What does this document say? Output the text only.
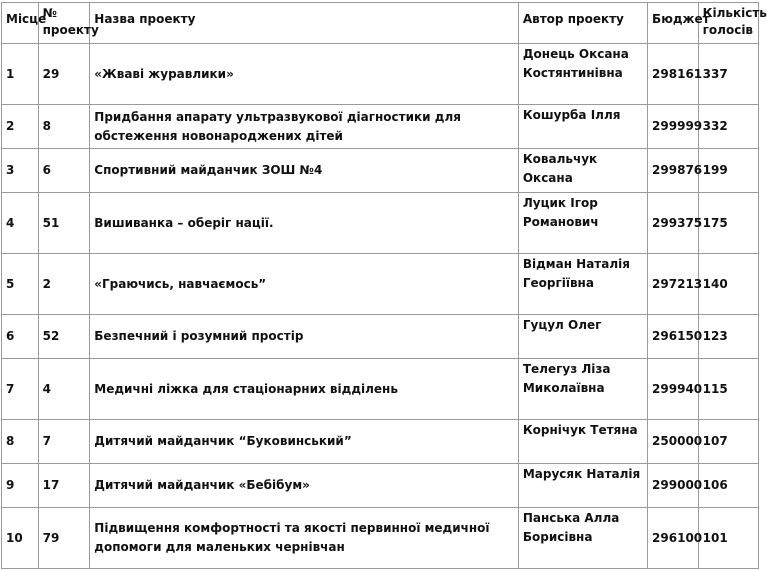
Місце	№ проекту	Назва проекту	Автор проекту	Бюджет	Кількість голосів
1	29	«Жваві журавлики»	Донець Оксана Костянтинівна	298161	337
2	8	Придбання апарату ультразвукової діагностики для обстеження новонароджених дітей	Кошурба Ілля	299999	332
3	6	Спортивний майданчик ЗОШ №4	Ковальчук Оксана	299876	199
4	51	Вишиванка – оберіг нації.	Луцик Ігор Романович	299375	175
5	2	«Граючись, навчаємось”	Відман Наталія Георгіївна	297213	140
6	52	Безпечний і розумний простір	Гуцул Олег	296150	123
7	4	Медичні ліжка для стаціонарних відділень	Телегуз Ліза Миколаївна	299940	115
8	7	Дитячий майданчик “Буковинський”	Корнічук Тетяна	250000	107
9	17	Дитячий майданчик «Бебібум»	Марусяк Наталія	299000	106
10	79	Підвищення комфортності та якості первинної медичної допомоги для маленьких чернівчан	Панська Алла Борисівна	296100	101
